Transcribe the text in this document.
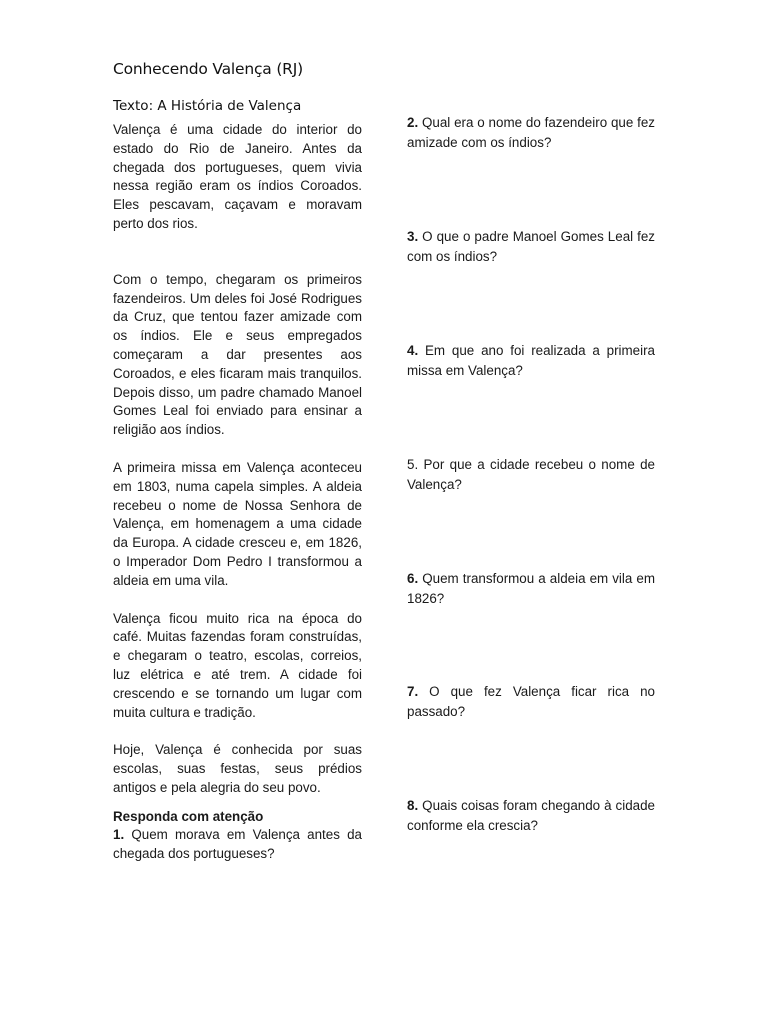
Conhecendo Valença (RJ)
Texto: A História de Valença

Valença é uma cidade do interior do estado do Rio de Janeiro. Antes da chegada dos portugueses, quem vivia nessa região eram os índios Coroados. Eles pescavam, caçavam e moravam perto dos rios.

Com o tempo, chegaram os primeiros fazendeiros. Um deles foi José Rodrigues da Cruz, que tentou fazer amizade com os índios. Ele e seus empregados começaram a dar presentes aos Coroados, e eles ficaram mais tranquilos. Depois disso, um padre chamado Manoel Gomes Leal foi enviado para ensinar a religião aos índios.

A primeira missa em Valença aconteceu em 1803, numa capela simples. A aldeia recebeu o nome de Nossa Senhora de Valença, em homenagem a uma cidade da Europa. A cidade cresceu e, em 1826, o Imperador Dom Pedro I transformou a aldeia em uma vila.

Valença ficou muito rica na época do café. Muitas fazendas foram construídas, e chegaram o teatro, escolas, correios, luz elétrica e até trem. A cidade foi crescendo e se tornando um lugar com muita cultura e tradição.

Hoje, Valença é conhecida por suas escolas, suas festas, seus prédios antigos e pela alegria do seu povo.

Responda com atenção

1. Quem morava em Valença antes da chegada dos portugueses?

2. Qual era o nome do fazendeiro que fez amizade com os índios?

3. O que o padre Manoel Gomes Leal fez com os índios?

4. Em que ano foi realizada a primeira missa em Valença?

5. Por que a cidade recebeu o nome de Valença?

6. Quem transformou a aldeia em vila em 1826?

7. O que fez Valença ficar rica no passado?

8. Quais coisas foram chegando à cidade conforme ela crescia?
